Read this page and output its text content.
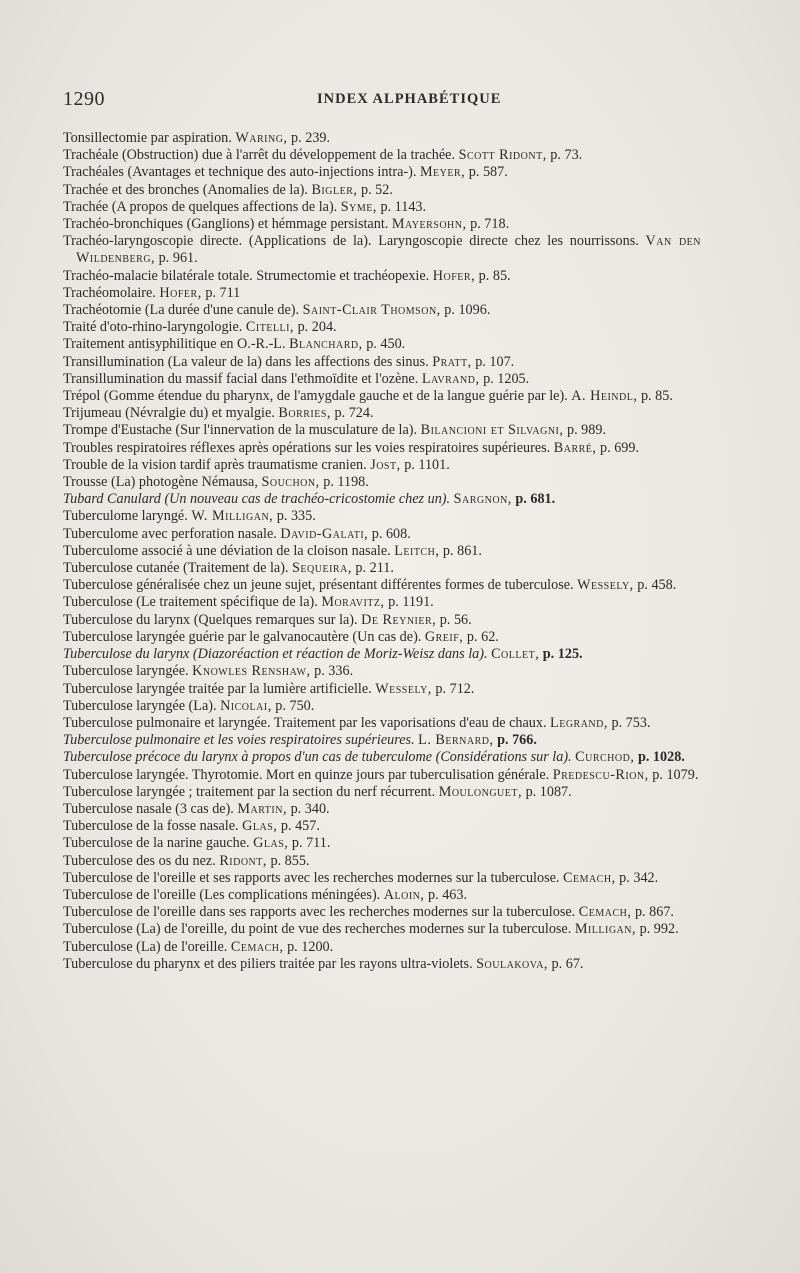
1290	INDEX ALPHABÉTIQUE

Tonsillectomie par aspiration. Waring, p. 239.

Trachéale (Obstruction) due à l'arrêt du développement de la trachée. Scott Ridont, p. 73.

Trachéales (Avantages et technique des auto-injections intra-). Meyer, p. 587.

Trachée et des bronches (Anomalies de la). Bigler, p. 52.

Trachée (A propos de quelques affections de la). Syme, p. 1143.

Trachéo-bronchiques (Ganglions) et hémmage persistant. Mayersohn, p. 718.

Trachéo-laryngoscopie directe. (Applications de la). Laryngoscopie directe chez les nourrissons. Van den Wildenberg, p. 961.

Trachéo-malacie bilatérale totale. Strumectomie et trachéopexie. Hofer, p. 85.

Trachéomolaire. Hofer, p. 711

Trachéotomie (La durée d'une canule de). Saint-Clair Thomson, p. 1096.

Traité d'oto-rhino-laryngologie. Citelli, p. 204.

Traitement antisyphilitique en O.-R.-L. Blanchard, p. 450.

Transillumination (La valeur de la) dans les affections des sinus. Pratt, p. 107.

Transillumination du massif facial dans l'ethmoïdite et l'ozène. Lavrand, p. 1205.

Trépol (Gomme étendue du pharynx, de l'amygdale gauche et de la langue guérie par le). A. Heindl, p. 85.

Trijumeau (Névralgie du) et myalgie. Borries, p. 724.

Trompe d'Eustache (Sur l'innervation de la musculature de la). Bilancioni et Silvagni, p. 989.

Troubles respiratoires réflexes après opérations sur les voies respiratoires supérieures. Barré, p. 699.

Trouble de la vision tardif après traumatisme cranien. Jost, p. 1101.

Trousse (La) photogène Némausa, Souchon, p. 1198.

Tubard Canulard (Un nouveau cas de trachéo-cricostomie chez un). Sargnon, p. 681.

Tuberculome laryngé. W. Milligan, p. 335.

Tuberculome avec perforation nasale. David-Galati, p. 608.

Tuberculome associé à une déviation de la cloison nasale. Leitch, p. 861.

Tuberculose cutanée (Traitement de la). Sequeira, p. 211.

Tuberculose généralisée chez un jeune sujet, présentant différentes formes de tuberculose. Wessely, p. 458.

Tuberculose (Le traitement spécifique de la). Moravitz, p. 1191.

Tuberculose du larynx (Quelques remarques sur la). De Reynier, p. 56.

Tuberculose laryngée guérie par le galvanocautère (Un cas de). Greif, p. 62.

Tuberculose du larynx (Diazoréaction et réaction de Moriz-Weisz dans la). Collet, p. 125.

Tuberculose laryngée. Knowles Renshaw, p. 336.

Tuberculose laryngée traitée par la lumière artificielle. Wessely, p. 712.

Tuberculose laryngée (La). Nicolai, p. 750.

Tuberculose pulmonaire et laryngée. Traitement par les vaporisations d'eau de chaux. Legrand, p. 753.

Tuberculose pulmonaire et les voies respiratoires supérieures. L. Bernard, p. 766.

Tuberculose précoce du larynx à propos d'un cas de tuberculome (Considérations sur la). Curchod, p. 1028.

Tuberculose laryngée. Thyrotomie. Mort en quinze jours par tuberculisation générale. Predescu-Rion, p. 1079.

Tuberculose laryngée ; traitement par la section du nerf récurrent. Moulonguet, p. 1087.

Tuberculose nasale (3 cas de). Martin, p. 340.

Tuberculose de la fosse nasale. Glas, p. 457.

Tuberculose de la narine gauche. Glas, p. 711.

Tuberculose des os du nez. Ridont, p. 855.

Tuberculose de l'oreille et ses rapports avec les recherches modernes sur la tuberculose. Cemach, p. 342.

Tuberculose de l'oreille (Les complications méningées). Aloin, p. 463.

Tuberculose de l'oreille dans ses rapports avec les recherches modernes sur la tuberculose. Cemach, p. 867.

Tuberculose (La) de l'oreille, du point de vue des recherches modernes sur la tuberculose. Milligan, p. 992.

Tuberculose (La) de l'oreille. Cemach, p. 1200.

Tuberculose du pharynx et des piliers traitée par les rayons ultra-violets. Soulakova, p. 67.
